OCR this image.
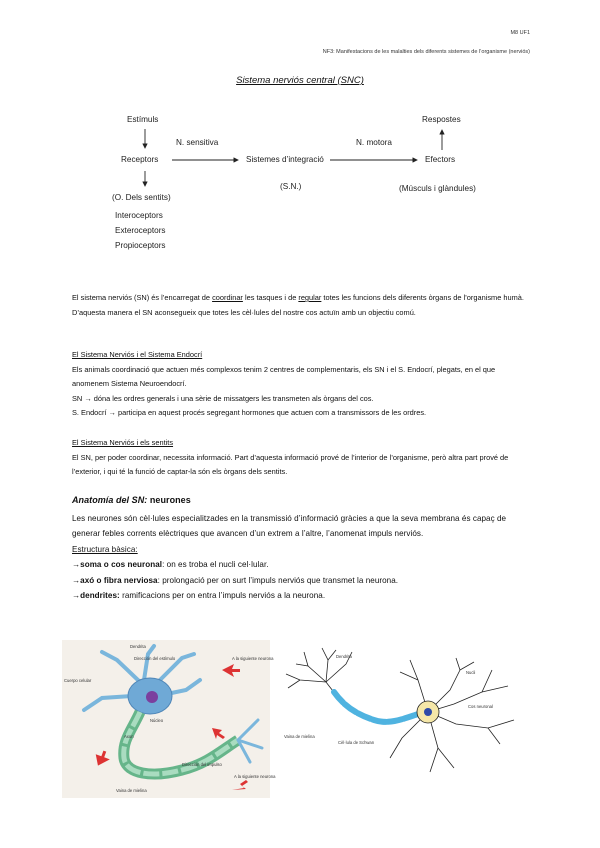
M8 UF1
NF3: Manifestacions de les malalties dels diferents sistemes de l’organisme (nerviós)
Sistema nerviós central (SNC)
Estímuls
N. sensitiva
Receptors
(O. Dels sentits)
Interoceptors
Exteroceptors
Propioceptors
Sistemes d’integració
(S.N.)
N. motora
Respostes
Efectors
(Músculs i glàndules)
El sistema nerviós (SN) és l’encarregat de coordinar les tasques i de regular totes les funcions dels diferents òrgans de l’organisme humà. D’aquesta manera el SN aconsegueix que totes les cèl·lules del nostre cos actuïn amb un objectiu comú.
El Sistema Nerviós i el Sistema Endocrí
Els animals coordinació que actuen més complexos tenim 2 centres de complementaris, els SN i el S. Endocrí, plegats, en el que anomenem Sistema Neuroendocrí.
SN → dóna les ordres generals i una sèrie de missatgers les transmeten als òrgans del cos.
S. Endocrí → participa en aquest procés segregant hormones que actuen com a transmissors de les ordres.
El Sistema Nerviós i els sentits
El SN, per poder coordinar, necessita informació. Part d’aquesta informació prové de l’interior de l’organisme, però altra part prové de l’exterior, i qui té la funció de captar-la són els òrgans dels sentits.
Anatomía del SN: neurones
Les neurones són cèl·lules especialitzades en la transmissió d’informació gràcies a que la seva membrana és capaç de generar febles corrents elèctriques que avancen d’un extrem a l’altre, l’anomenat impuls nerviós.
Estructura bàsica:
→soma o cos neuronal: on es troba el nucli cel·lular.
→axó o fibra nerviosa: prolongació per on surt l’impuls nerviós que transmet la neurona.
→dendrites: ramificacions per on entra l’impuls nerviós a la neurona.
Dendrita
Dirección del estímulo
Cuerpo celular
Núcleo
Axon
Dirección del impulso
Vaina de mielina
A la siguiente neurona
A la siguiente neurona
Dendrita
Nucli
Vaina de mielina
Cèl·lula de Schwan
Cos neuronal
